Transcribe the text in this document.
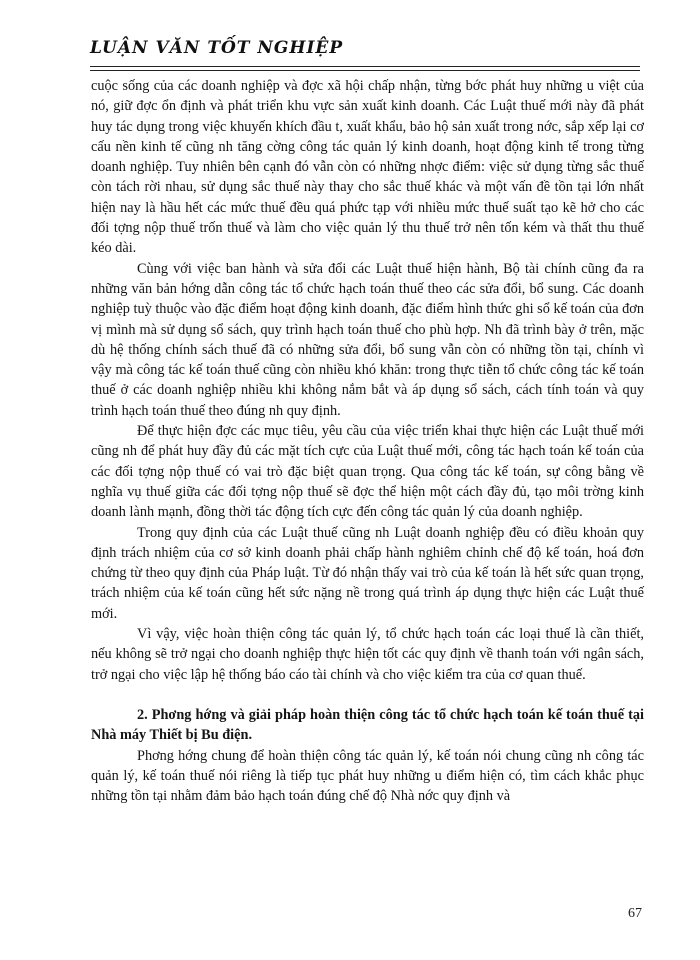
LUẬN VĂN TỐT NGHIỆP

cuộc sống của các doanh nghiệp và đợc xã hội chấp nhận, từng bớc phát huy những u việt của nó, giữ đợc ổn định và phát triển khu vực sản xuất kinh doanh. Các Luật thuế mới này đã phát huy tác dụng trong việc khuyến khích đầu t, xuất khẩu, bảo hộ sản xuất trong nớc, sắp xếp lại cơ cấu nền kinh tế cũng nh tăng cờng công tác quản lý kinh doanh, hoạt động kinh tế trong từng doanh nghiệp. Tuy nhiên bên cạnh đó vẫn còn có những nhợc điểm: việc sử dụng từng sắc thuế còn tách rời nhau, sử dụng sắc thuế này thay cho sắc thuế khác và một vấn đề tồn tại lớn nhất hiện nay là hầu hết các mức thuế đều quá phức tạp với nhiều mức thuế suất tạo kẽ hở cho các đối tợng nộp thuế trốn thuế và làm cho việc quản lý thu thuế trở nên tốn kém và thất thu thuế kéo dài.

Cùng với việc ban hành và sửa đổi các Luật thuế hiện hành, Bộ tài chính cũng đa ra những văn bản hớng dẫn công tác tổ chức hạch toán thuế theo các sửa đổi, bổ sung. Các doanh nghiệp tuỳ thuộc vào đặc điểm hoạt động kinh doanh, đặc điểm hình thức ghi sổ kế toán của đơn vị mình mà sử dụng sổ sách, quy trình hạch toán thuế cho phù hợp. Nh đã trình bày ở trên, mặc dù hệ thống chính sách thuế đã có những sửa đổi, bổ sung vẫn còn có những tồn tại, chính vì vậy mà công tác kế toán thuế cũng còn nhiều khó khăn: trong thực tiễn tổ chức công tác kế toán thuế ở các doanh nghiệp nhiều khi không nắm bắt và áp dụng sổ sách, cách tính toán và quy trình hạch toán thuế theo đúng nh quy định.

Để thực hiện đợc các mục tiêu, yêu cầu của việc triển khai thực hiện các Luật thuế mới cũng nh để phát huy đầy đủ các mặt tích cực của Luật thuế mới, công tác hạch toán kế toán của các đối tợng nộp thuế có vai trò đặc biệt quan trọng. Qua công tác kế toán, sự công bằng về nghĩa vụ thuế giữa các đối tợng nộp thuế sẽ đợc thể hiện một cách đầy đủ, tạo môi trờng kinh doanh lành mạnh, đồng thời tác động tích cực đến công tác quản lý của doanh nghiệp.

Trong quy định của các Luật thuế cũng nh Luật doanh nghiệp đều có điều khoản quy định trách nhiệm của cơ sở kinh doanh phải chấp hành nghiêm chỉnh chế độ kế toán, hoá đơn chứng từ theo quy định của Pháp luật. Từ đó nhận thấy vai trò của kế toán là hết sức quan trọng, trách nhiệm của kế toán cũng hết sức nặng nề trong quá trình áp dụng thực hiện các Luật thuế mới.

Vì vậy, việc hoàn thiện công tác quản lý, tổ chức hạch toán các loại thuế là cần thiết, nếu không sẽ trở ngại cho doanh nghiệp thực hiện tốt các quy định về thanh toán với ngân sách, trở ngại cho việc lập hệ thống báo cáo tài chính và cho việc kiểm tra của cơ quan thuế.

2. Phơng hớng và giải pháp hoàn thiện công tác tổ chức hạch toán kế toán thuế tại Nhà máy Thiết bị Bu điện.

Phơng hớng chung để hoàn thiện công tác quản lý, kế toán nói chung cũng nh công tác quản lý, kế toán thuế nói riêng là tiếp tục phát huy những u điểm hiện có, tìm cách khắc phục những tồn tại nhằm đảm bảo hạch toán đúng chế độ Nhà nớc quy định và

67
